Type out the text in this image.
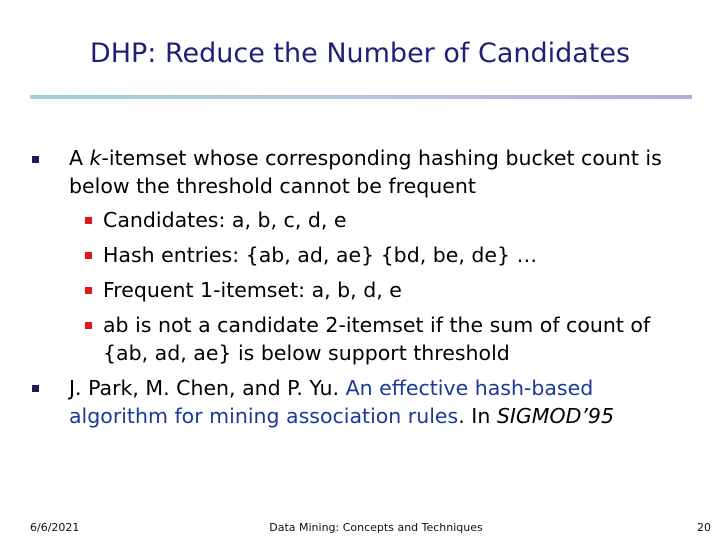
DHP: Reduce the Number of Candidates
A k-itemset whose corresponding hashing bucket count is
below the threshold cannot be frequent
Candidates: a, b, c, d, e
Hash entries: {ab, ad, ae} {bd, be, de} …
Frequent 1-itemset: a, b, d, e
ab is not a candidate 2-itemset if the sum of count of
{ab, ad, ae} is below support threshold
J. Park, M. Chen, and P. Yu. An effective hash-based
algorithm for mining association rules. In SIGMOD’95
6/6/2021	Data Mining: Concepts and Techniques	20
